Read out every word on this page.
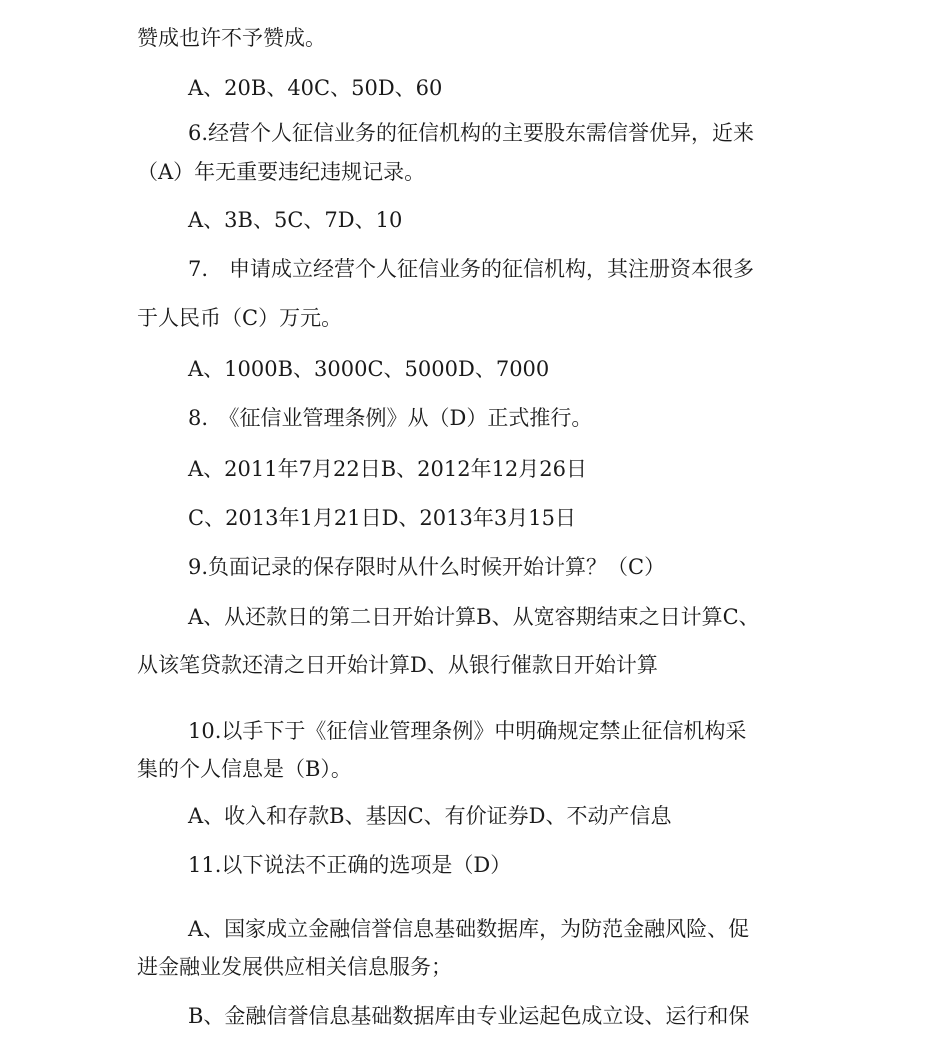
赞成也许不予赞成。
A、20B、40C、50D、60
6.经营个人征信业务的征信机构的主要股东需信誉优异，近来
（A）年无重要违纪违规记录。
A、3B、5C、7D、10
7.　申请成立经营个人征信业务的征信机构，其注册资本很多
于人民币（C）万元。
A、1000B、3000C、5000D、7000
8.　《征信业管理条例》从（D）正式推行。
A、2011年7月22日B、2012年12月26日
C、2013年1月21日D、2013年3月15日
9.负面记录的保存限时从什么时候开始计算？（C）
A、从还款日的第二日开始计算B、从宽容期结束之日计算C、
从该笔贷款还清之日开始计算D、从银行催款日开始计算
10.以手下于《征信业管理条例》中明确规定禁止征信机构采
集的个人信息是（B）。
A、收入和存款B、基因C、有价证券D、不动产信息
11.以下说法不正确的选项是（D）
A、国家成立金融信誉信息基础数据库，为防范金融风险、促
进金融业发展供应相关信息服务；
B、金融信誉信息基础数据库由专业运起色成立设、运行和保
